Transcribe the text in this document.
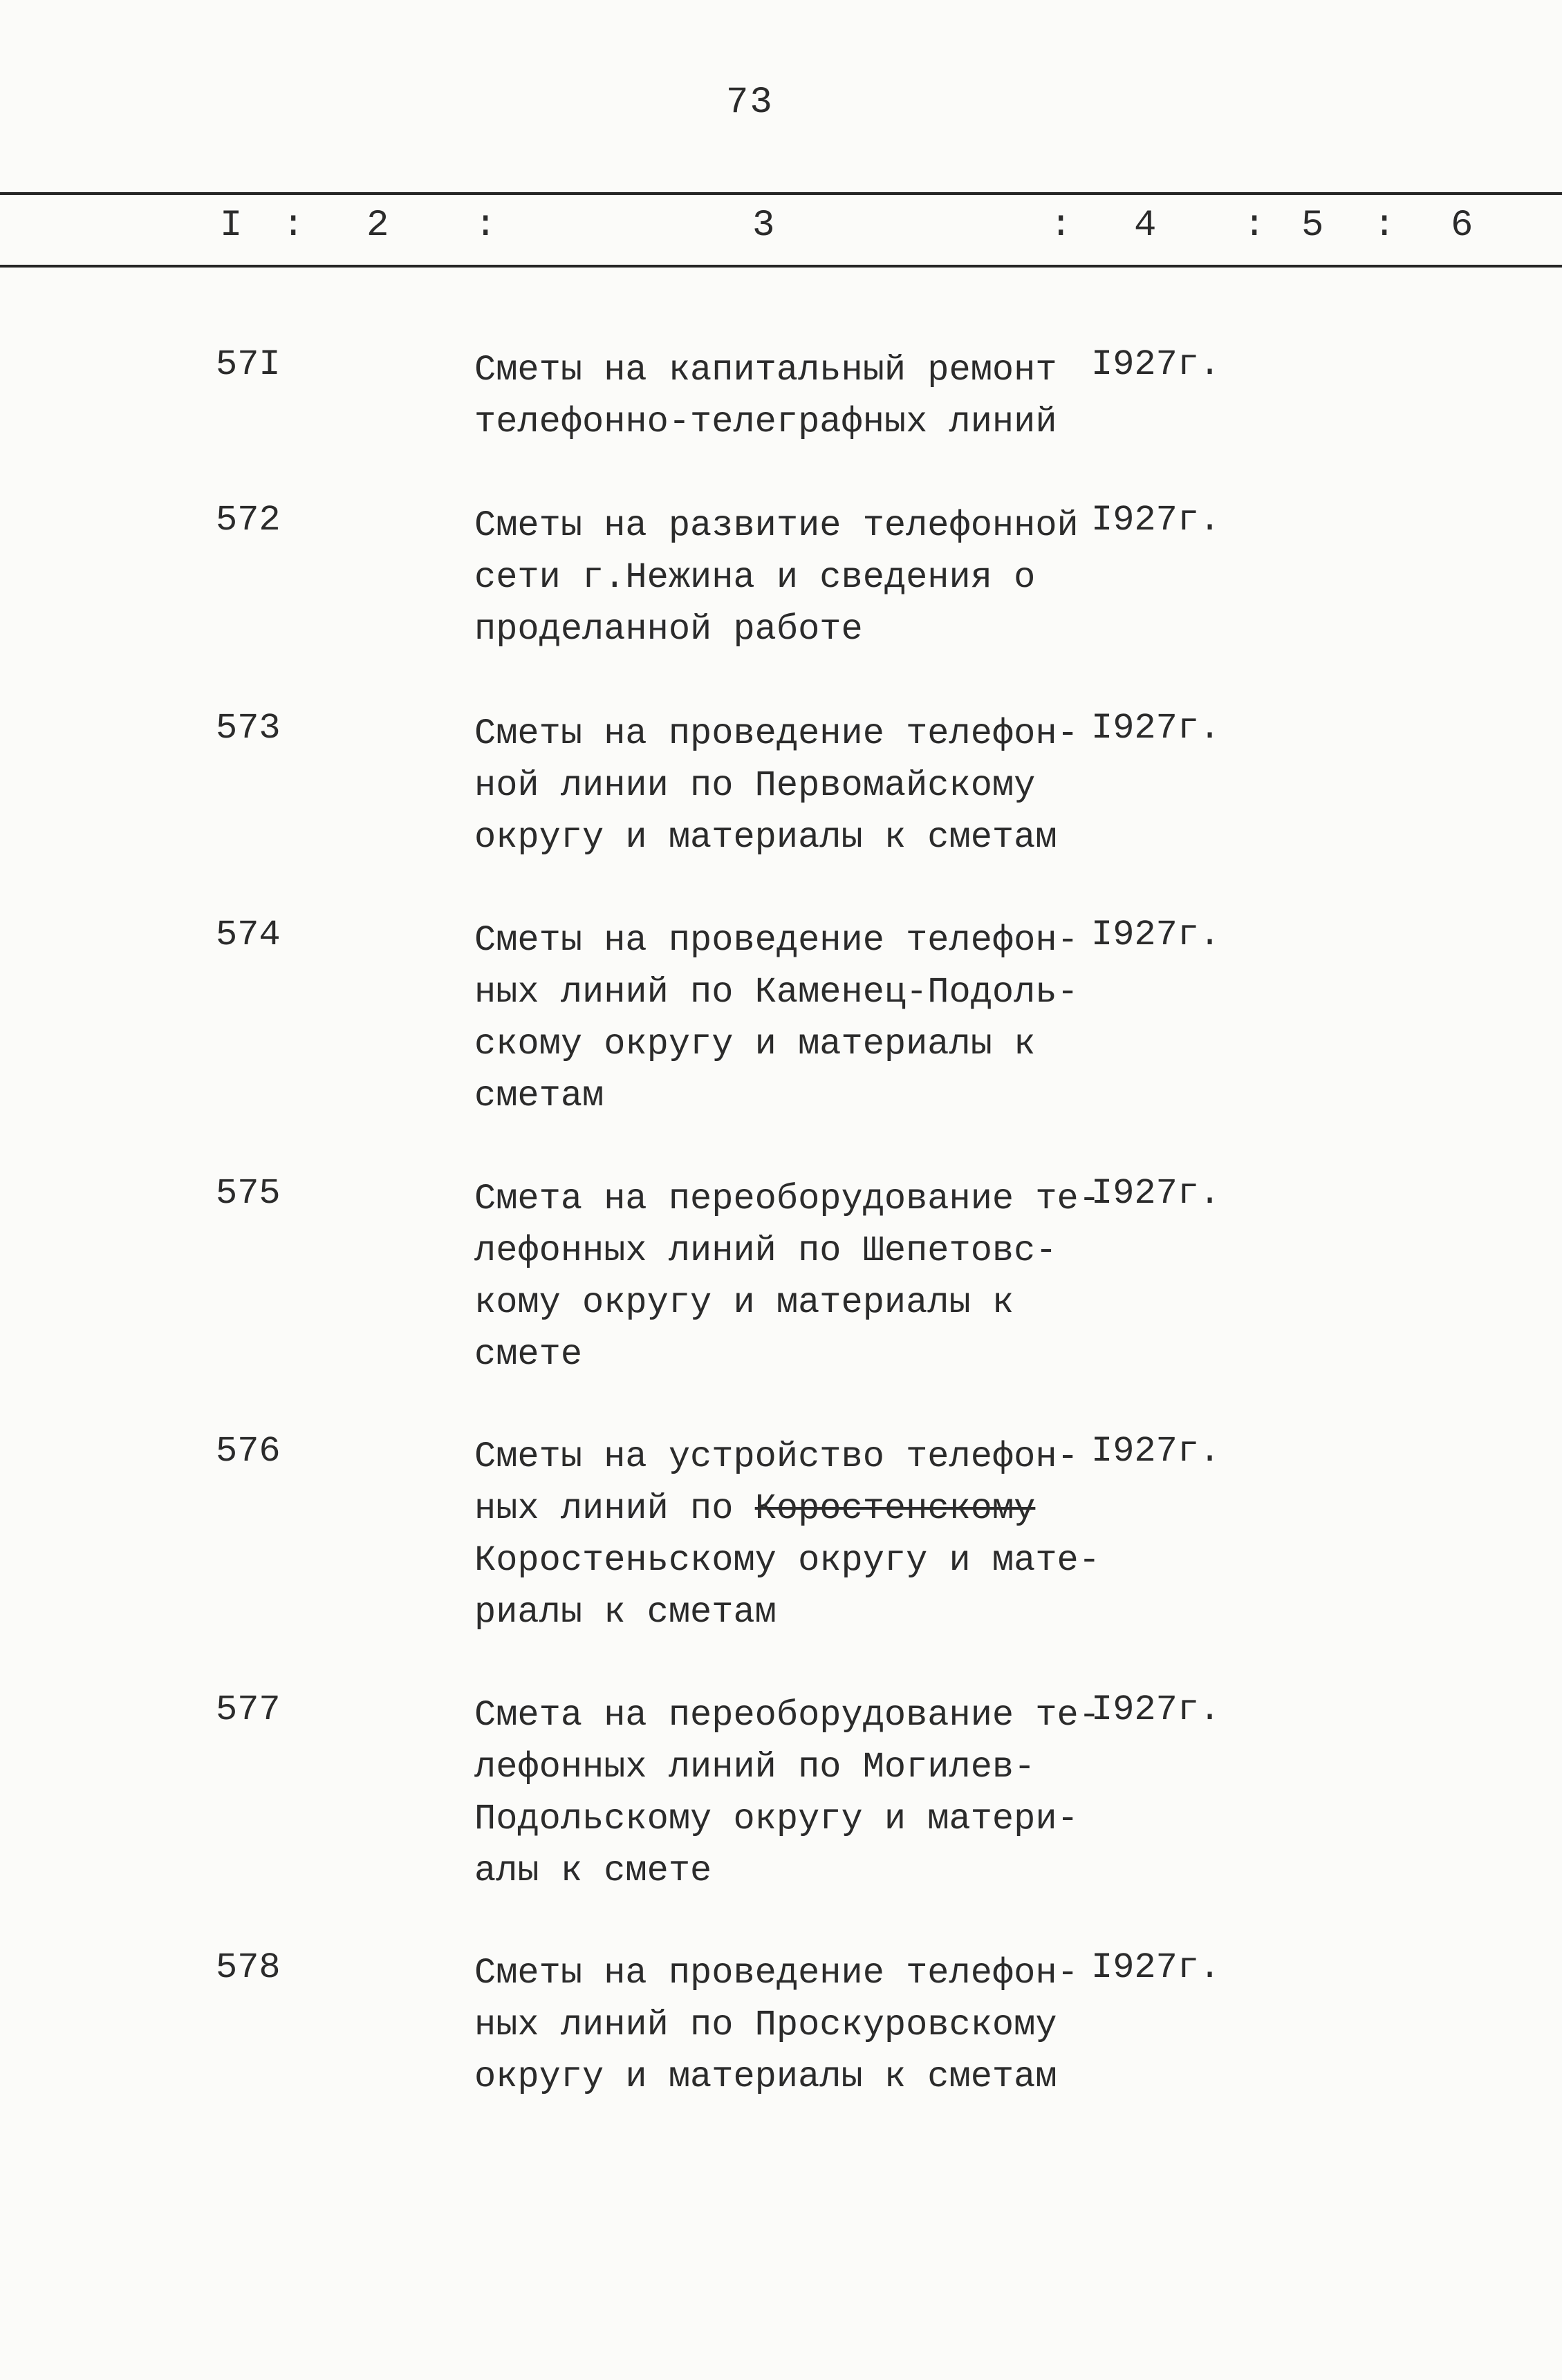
73
I : 2 :	3	: 4 : 5 : 6
57I	Сметы на капитальный ремонт
телефонно-телеграфных линий
I927г.
572	Сметы на развитие телефонной
сети г.Нежина и сведения о
проделанной работе
I927г.
573	Сметы на проведение телефон-
ной линии по Первомайскому
округу и материалы к сметам
I927г.
574	Сметы на проведение телефон-
ных линий по Каменец-Подоль-
скому округу и материалы к
сметам
I927г.
575	Смета на переоборудование те-
лефонных линий по Шепетовс-
кому округу и материалы к
смете
I927г.
576	Сметы на устройство телефон-
ных линий по Коростенскому
Коростеньскому округу и мате-
риалы к сметам
I927г.
577	Смета на переоборудование те-
лефонных линий по Могилев-
Подольскому округу и матери-
алы к смете
I927г.
578	Сметы на проведение телефон-
ных линий по Проскуровскому
округу и материалы к сметам
I927г.
